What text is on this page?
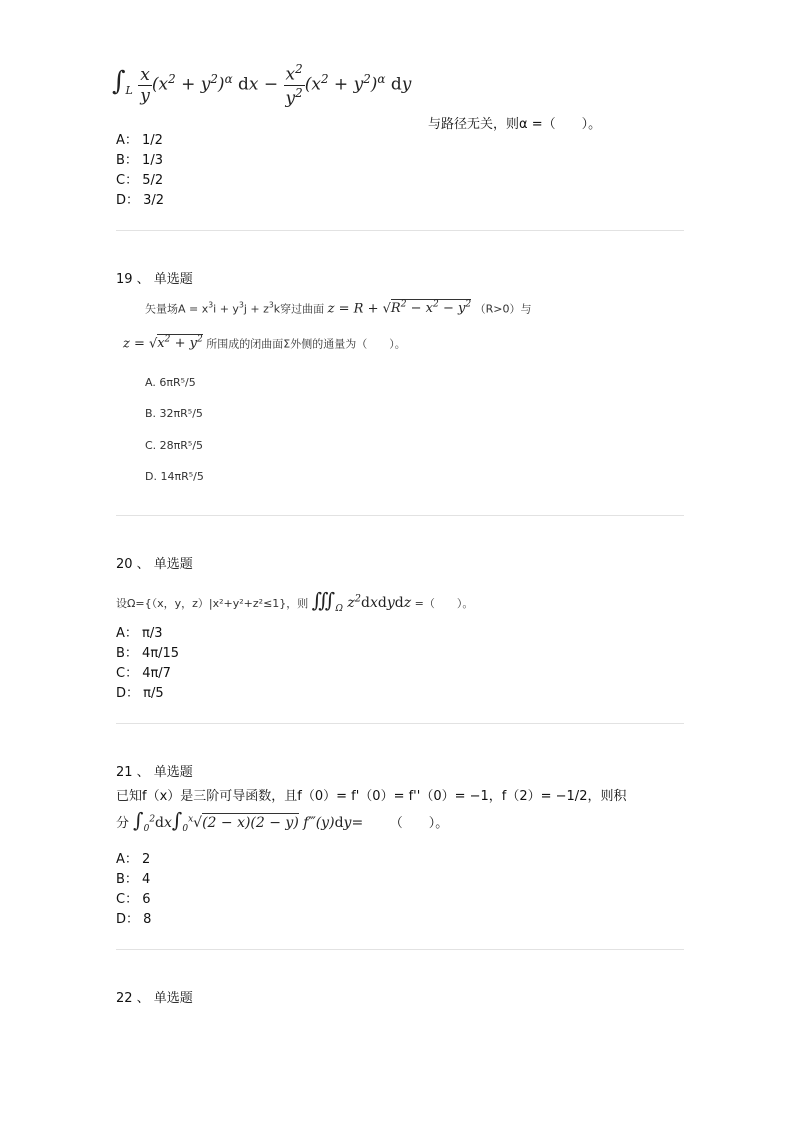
$\int_L \frac{x}{y} (x^2 + y^2)^\alpha$ dx − $\frac{x^2}{y^2} (x^2 + y^2)^\alpha$ dy
与路径无关，则α =（　　）。
A： 1/2
B： 1/3
C： 5/2
D： 3/2
19 、 单选题
矢量场$A = x^3i + y^3j + z^3k$穿过曲面 $z = R + √R^2 - x^2 - y^2$ （R>0）与
$z = √x^2 + y^2$ 所围成的闭曲面Σ外侧的通量为（　　）。
A. 6πR⁵/5
B. 32πR⁵/5
C. 28πR⁵/5
D. 14πR⁵/5
20 、 单选题
设Ω={（x，y，z）|x²+y²+z²≤1}，则 $∭_\Omega$ $z^2dxdydz$ =（　　）。
A： π/3
B： 4π/15
C： 4π/7
D： π/5
21 、 单选题
已知f（x）是三阶可导函数，且f（0）= f'（0）= f''（0）= −1，f（2）= −1/2，则积
分 $\int_0^2dx\int_0^x√(2 - x)(2 - y)$ f‴(y)dy=  （　　）。
A： 2
B： 4
C： 6
D： 8
22 、 单选题
